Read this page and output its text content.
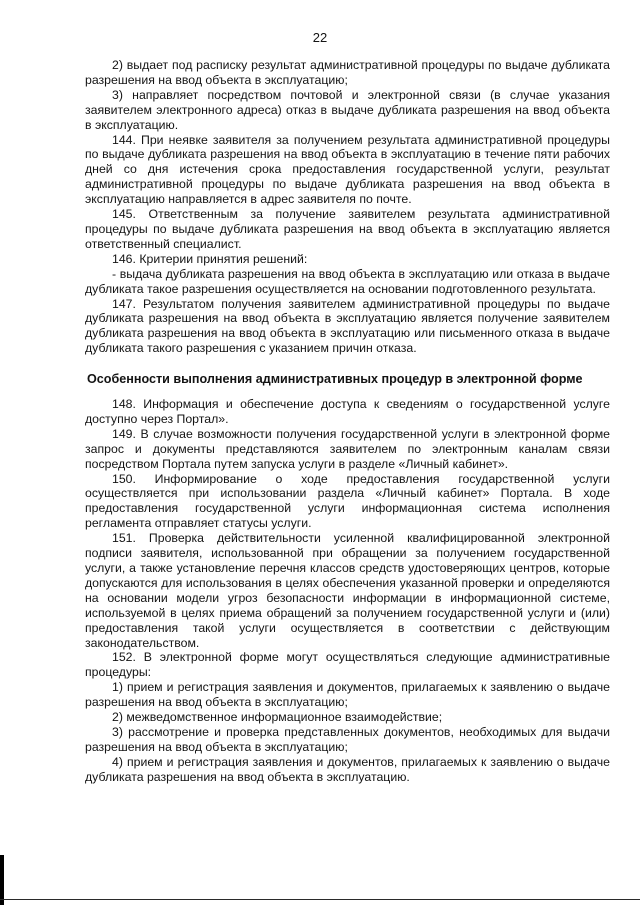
22

2) выдает под расписку результат административной процедуры по выдаче дубликата разрешения на ввод объекта в эксплуатацию;

3) направляет посредством почтовой и электронной связи (в случае указания заявителем электронного адреса) отказ в выдаче дубликата разрешения на ввод объекта в эксплуатацию.

144. При неявке заявителя за получением результата административной процедуры по выдаче дубликата разрешения на ввод объекта в эксплуатацию в течение пяти рабочих дней со дня истечения срока предоставления государственной услуги, результат административной процедуры по выдаче дубликата разрешения на ввод объекта в эксплуатацию направляется в адрес заявителя по почте.

145. Ответственным за получение заявителем результата административной процедуры по выдаче дубликата разрешения на ввод объекта в эксплуатацию является ответственный специалист.

146. Критерии принятия решений:

- выдача дубликата разрешения на ввод объекта в эксплуатацию или отказа в выдаче дубликата такое разрешения осуществляется на основании подготовленного результата.

147. Результатом получения заявителем административной процедуры по выдаче дубликата разрешения на ввод объекта в эксплуатацию является получение заявителем дубликата разрешения на ввод объекта в эксплуатацию или письменного отказа в выдаче дубликата такого разрешения с указанием причин отказа.

Особенности выполнения административных процедур в электронной форме

148. Информация и обеспечение доступа к сведениям о государственной услуге доступно через Портал».

149. В случае возможности получения государственной услуги в электронной форме запрос и документы представляются заявителем по электронным каналам связи посредством Портала путем запуска услуги в разделе «Личный кабинет».

150. Информирование о ходе предоставления государственной услуги осуществляется при использовании раздела «Личный кабинет» Портала. В ходе предоставления государственной услуги информационная система исполнения регламента отправляет статусы услуги.

151. Проверка действительности усиленной квалифицированной электронной подписи заявителя, использованной при обращении за получением государственной услуги, а также установление перечня классов средств удостоверяющих центров, которые допускаются для использования в целях обеспечения указанной проверки и определяются на основании модели угроз безопасности информации в информационной системе, используемой в целях приема обращений за получением государственной услуги и (или) предоставления такой услуги осуществляется в соответствии с действующим законодательством.

152. В электронной форме могут осуществляться следующие административные процедуры:

1) прием и регистрация заявления и документов, прилагаемых к заявлению о выдаче разрешения на ввод объекта в эксплуатацию;

2) межведомственное информационное взаимодействие;

3) рассмотрение и проверка представленных документов, необходимых для выдачи разрешения на ввод объекта в эксплуатацию;

4) прием и регистрация заявления и документов, прилагаемых к заявлению о выдаче дубликата разрешения на ввод объекта в эксплуатацию.
